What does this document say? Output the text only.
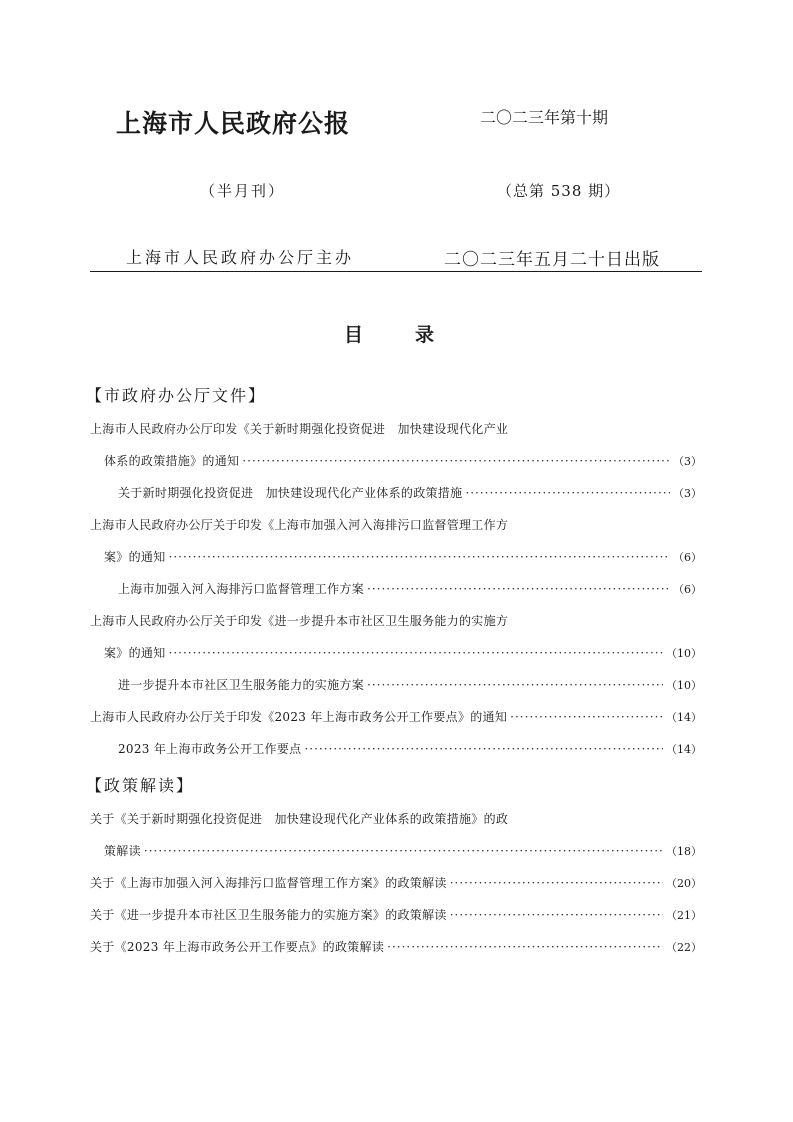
上海市人民政府公报	二〇二三年第十期
（半月刊）	（总第 538 期）
上海市人民政府办公厅主办	二〇二三年五月二十日出版
目	录
【市政府办公厅文件】
上海市人民政府办公厅印发《关于新时期强化投资促进　加快建设现代化产业
体系的政策措施》的通知 ·····	（3）
关于新时期强化投资促进　加快建设现代化产业体系的政策措施 ·····	（3）
上海市人民政府办公厅关于印发《上海市加强入河入海排污口监督管理工作方
案》的通知 ·····	（6）
上海市加强入河入海排污口监督管理工作方案 ·····	（6）
上海市人民政府办公厅关于印发《进一步提升本市社区卫生服务能力的实施方
案》的通知 ·····	（10）
进一步提升本市社区卫生服务能力的实施方案 ·····	（10）
上海市人民政府办公厅关于印发《2023 年上海市政务公开工作要点》的通知 ·····	（14）
2023 年上海市政务公开工作要点 ·····	（14）
【政策解读】
关于《关于新时期强化投资促进　加快建设现代化产业体系的政策措施》的政
策解读 ·····	（18）
关于《上海市加强入河入海排污口监督管理工作方案》的政策解读 ·····	（20）
关于《进一步提升本市社区卫生服务能力的实施方案》的政策解读 ·····	（21）
关于《2023 年上海市政务公开工作要点》的政策解读 ·····	（22）
